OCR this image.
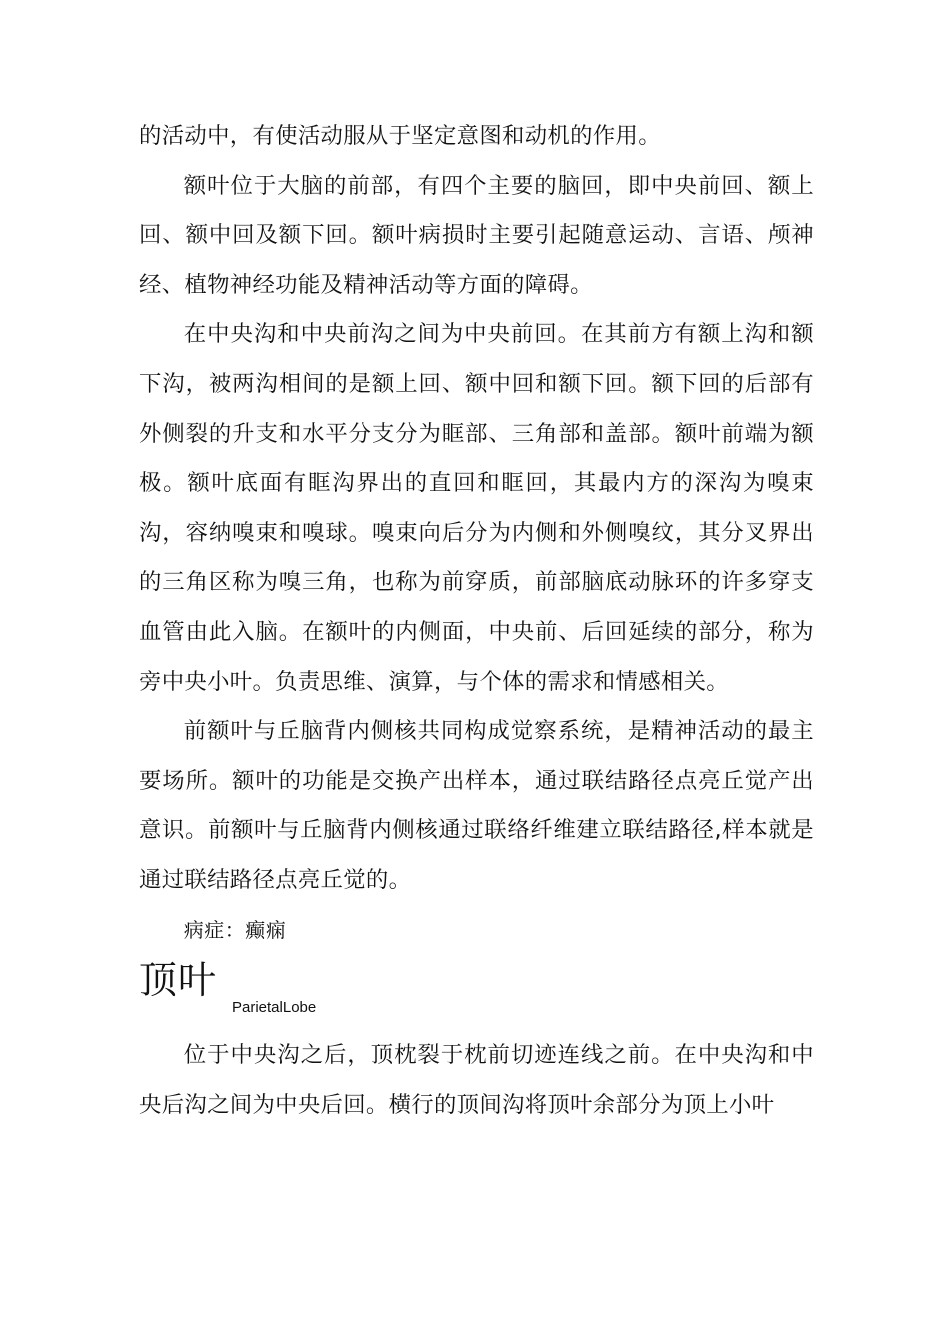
的活动中，有使活动服从于坚定意图和动机的作用。

额叶位于大脑的前部，有四个主要的脑回，即中央前回、额上回、额中回及额下回。额叶病损时主要引起随意运动、言语、颅神经、植物神经功能及精神活动等方面的障碍。

在中央沟和中央前沟之间为中央前回。在其前方有额上沟和额下沟，被两沟相间的是额上回、额中回和额下回。额下回的后部有外侧裂的升支和水平分支分为眶部、三角部和盖部。额叶前端为额极。额叶底面有眶沟界出的直回和眶回，其最内方的深沟为嗅束沟，容纳嗅束和嗅球。嗅束向后分为内侧和外侧嗅纹，其分叉界出的三角区称为嗅三角，也称为前穿质，前部脑底动脉环的许多穿支血管由此入脑。在额叶的内侧面，中央前、后回延续的部分，称为旁中央小叶。负责思维、演算，与个体的需求和情感相关。

前额叶与丘脑背内侧核共同构成觉察系统，是精神活动的最主要场所。额叶的功能是交换产出样本，通过联结路径点亮丘觉产出意识。前额叶与丘脑背内侧核通过联络纤维建立联结路径,样本就是通过联结路径点亮丘觉的。

病症：癫痫

顶叶
ParietalLobe

位于中央沟之后，顶枕裂于枕前切迹连线之前。在中央沟和中央后沟之间为中央后回。横行的顶间沟将顶叶余部分为顶上小叶
